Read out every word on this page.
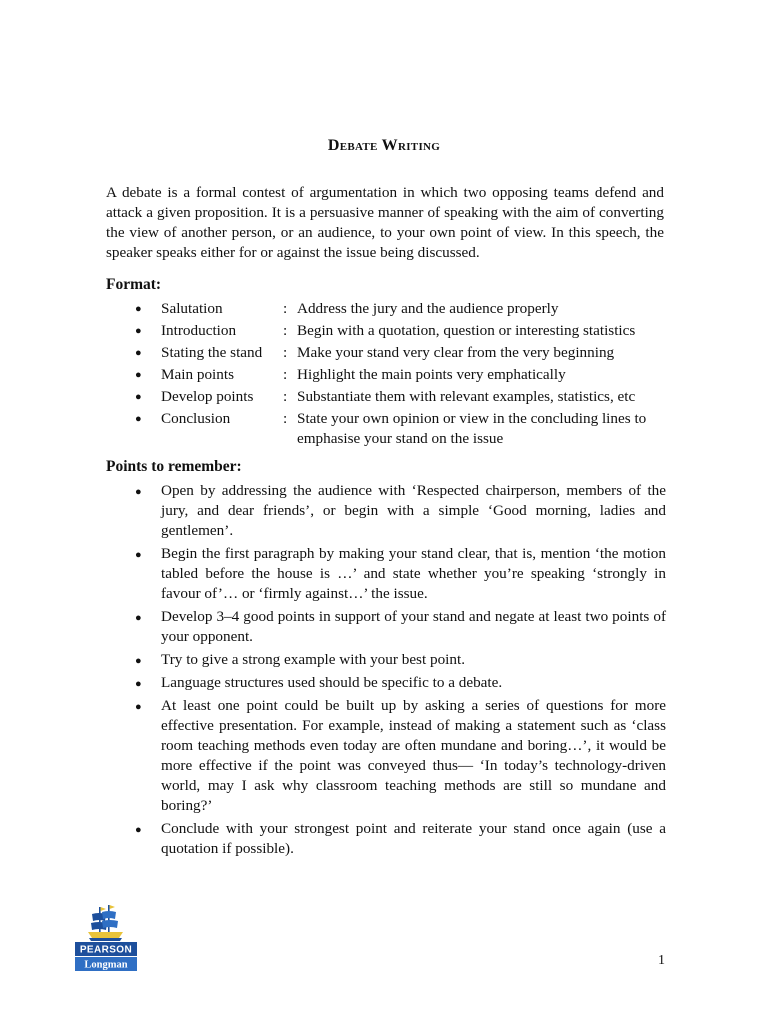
Debate Writing

A debate is a formal contest of argumentation in which two opposing teams defend and attack a given proposition. It is a persuasive manner of speaking with the aim of converting the view of another person, or an audience, to your own point of view. In this speech, the speaker speaks either for or against the issue being discussed.

Format:
● Salutation	: Address the jury and the audience properly
● Introduction	: Begin with a quotation, question or interesting statistics
● Stating the stand	: Make your stand very clear from the very beginning
● Main points	: Highlight the main points very emphatically
● Develop points	: Substantiate them with relevant examples, statistics, etc
● Conclusion	: State your own opinion or view in the concluding lines to emphasise your stand on the issue
Points to remember:
● Open by addressing the audience with ‘Respected chairperson, members of the jury, and dear friends’, or begin with a simple ‘Good morning, ladies and gentlemen’.
● Begin the first paragraph by making your stand clear, that is, mention ‘the motion tabled before the house is …’ and state whether you’re speaking ‘strongly in favour of’… or ‘firmly against…’ the issue.
● Develop 3–4 good points in support of your stand and negate at least two points of your opponent.
● Try to give a strong example with your best point.
● Language structures used should be specific to a debate.
● At least one point could be built up by asking a series of questions for more effective presentation. For example, instead of making a statement such as ‘class room teaching methods even today are often mundane and boring…’, it would be more effective if the point was conveyed thus— ‘In today’s technology-driven world, may I ask why classroom teaching methods are still so mundane and boring?’
● Conclude with your strongest point and reiterate your stand once again (use a quotation if possible).
PEARSON
Longman	1
